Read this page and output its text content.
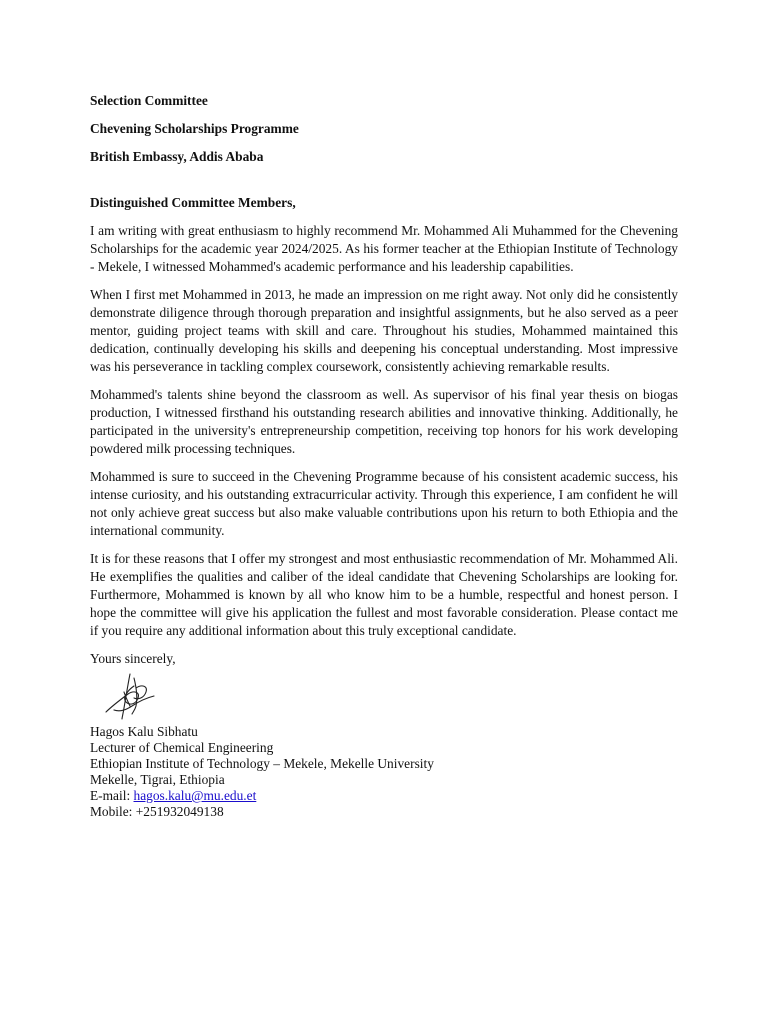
Selection Committee

Chevening Scholarships Programme

British Embassy, Addis Ababa

Distinguished Committee Members,

I am writing with great enthusiasm to highly recommend Mr. Mohammed Ali Muhammed for the Chevening Scholarships for the academic year 2024/2025. As his former teacher at the Ethiopian Institute of Technology - Mekele, I witnessed Mohammed's academic performance and his leadership capabilities.

When I first met Mohammed in 2013, he made an impression on me right away. Not only did he consistently demonstrate diligence through thorough preparation and insightful assignments, but he also served as a peer mentor, guiding project teams with skill and care. Throughout his studies, Mohammed maintained this dedication, continually developing his skills and deepening his conceptual understanding. Most impressive was his perseverance in tackling complex coursework, consistently achieving remarkable results.

Mohammed's talents shine beyond the classroom as well. As supervisor of his final year thesis on biogas production, I witnessed firsthand his outstanding research abilities and innovative thinking. Additionally, he participated in the university's entrepreneurship competition, receiving top honors for his work developing powdered milk processing techniques.

Mohammed is sure to succeed in the Chevening Programme because of his consistent academic success, his intense curiosity, and his outstanding extracurricular activity. Through this experience, I am confident he will not only achieve great success but also make valuable contributions upon his return to both Ethiopia and the international community.

It is for these reasons that I offer my strongest and most enthusiastic recommendation of Mr. Mohammed Ali. He exemplifies the qualities and caliber of the ideal candidate that Chevening Scholarships are looking for. Furthermore, Mohammed is known by all who know him to be a humble, respectful and honest person. I hope the committee will give his application the fullest and most favorable consideration. Please contact me if you require any additional information about this truly exceptional candidate.

Yours sincerely,

Hagos Kalu Sibhatu

Lecturer of Chemical Engineering

Ethiopian Institute of Technology – Mekele, Mekelle University

Mekelle, Tigrai, Ethiopia

E-mail: hagos.kalu@mu.edu.et

Mobile: +251932049138
